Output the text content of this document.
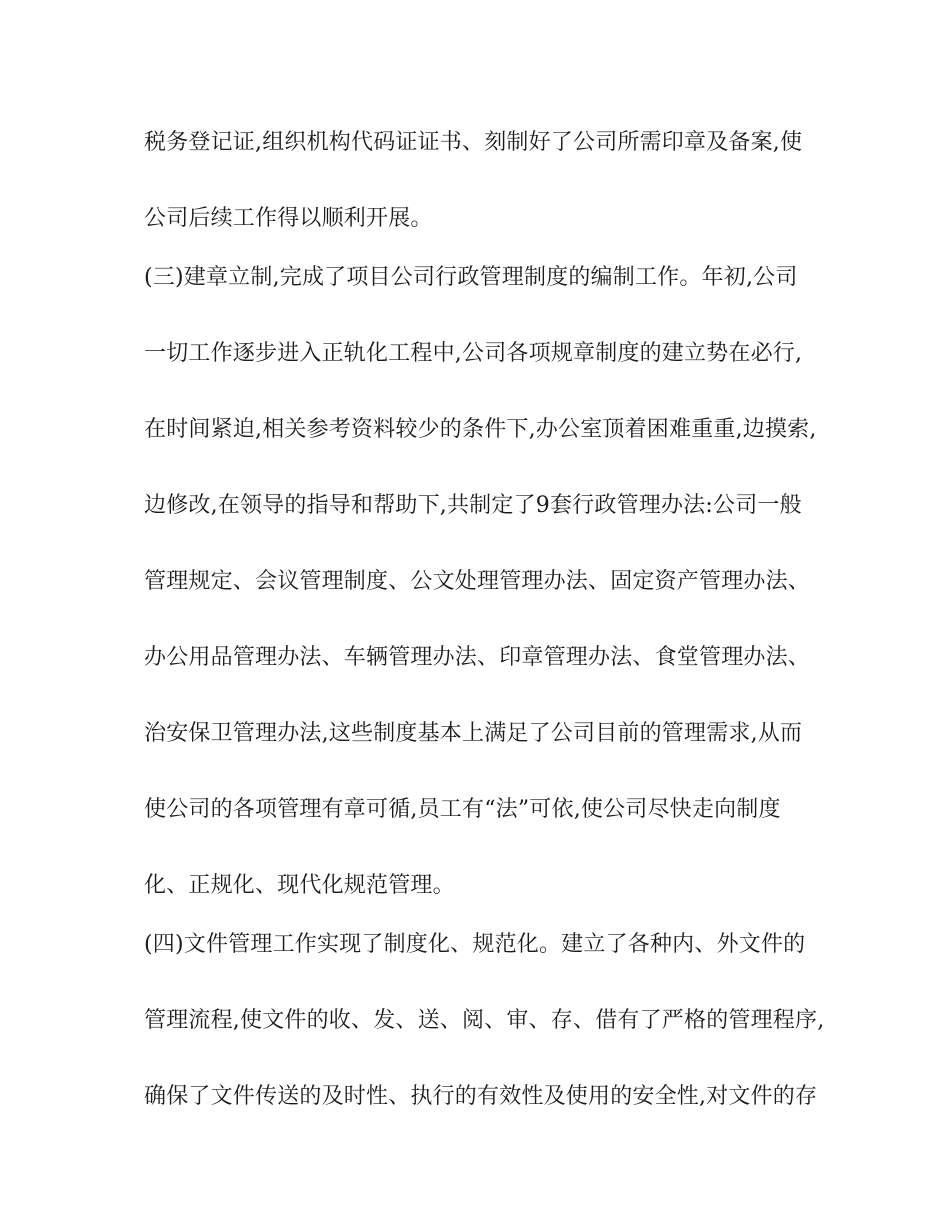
税务登记证,组织机构代码证证书、刻制好了公司所需印章及备案,使
公司后续工作得以顺利开展。
(三)建章立制,完成了项目公司行政管理制度的编制工作。年初,公司
一切工作逐步进入正轨化工程中,公司各项规章制度的建立势在必行,
在时间紧迫,相关参考资料较少的条件下,办公室顶着困难重重,边摸索,
边修改,在领导的指导和帮助下,共制定了9套行政管理办法:公司一般
管理规定、会议管理制度、公文处理管理办法、固定资产管理办法、
办公用品管理办法、车辆管理办法、印章管理办法、食堂管理办法、
治安保卫管理办法,这些制度基本上满足了公司目前的管理需求,从而
使公司的各项管理有章可循,员工有“法”可依,使公司尽快走向制度
化、正规化、现代化规范管理。
(四)文件管理工作实现了制度化、规范化。建立了各种内、外文件的
管理流程,使文件的收、发、送、阅、审、存、借有了严格的管理程序,
确保了文件传送的及时性、执行的有效性及使用的安全性,对文件的存
